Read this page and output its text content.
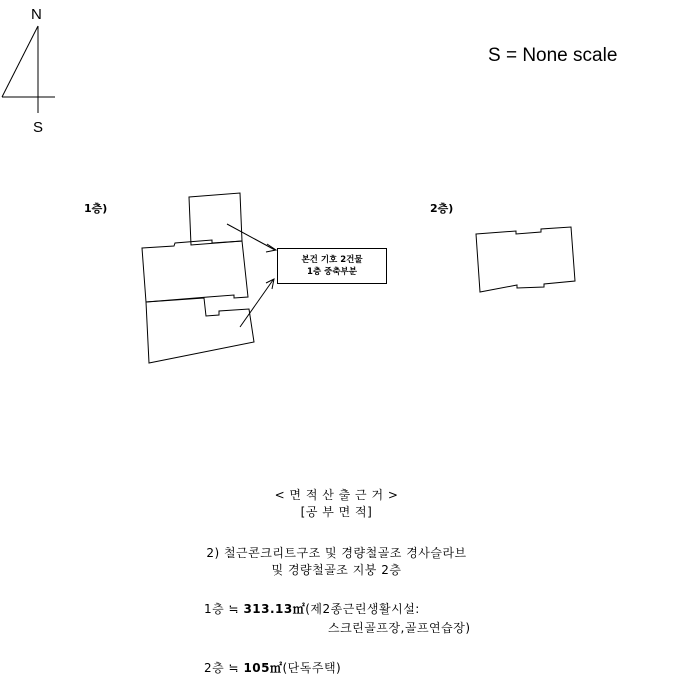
N
S
S = None scale
1층)	2층)
본건 기호 2건물
1층 중축부분
< 면 적 산 출 근 거 >
[공 부 면 적]
2) 철근콘크리트구조 및 경량철골조 경사슬라브
및 경량철골조 지붕 2층
1층 ≒ 313.13㎡(제2종근린생활시설:
스크린골프장,골프연습장)
2층 ≒ 105㎡(단독주택)
